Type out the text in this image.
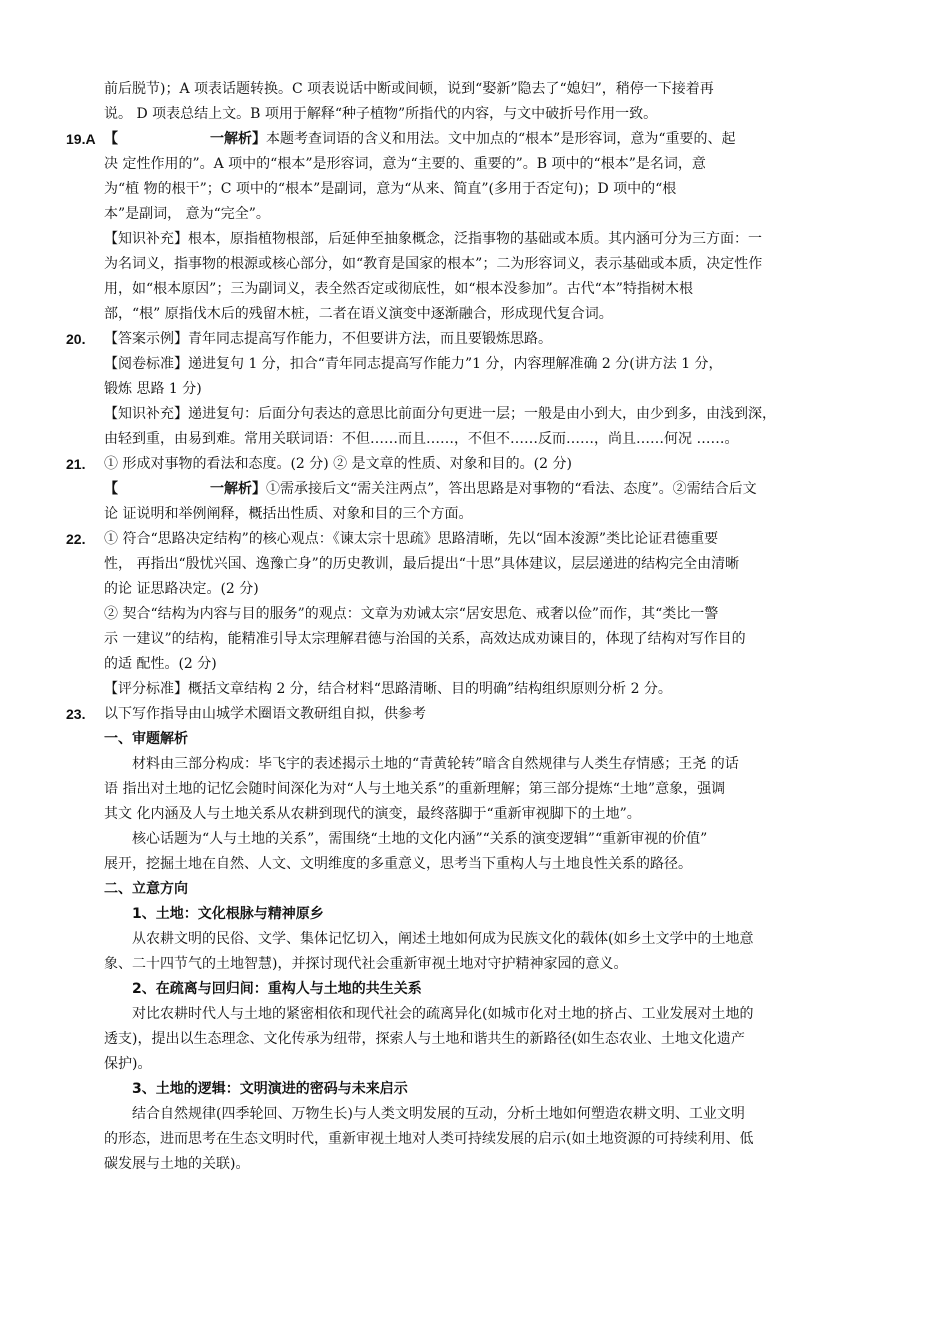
前后脱节)；A 项表话题转换。C 项表说话中断或间顿，说到“娶新”隐去了“媳妇”，稍停一下接着再
说。 D 项表总结上文。B 项用于解释“种子植物”所指代的内容，与文中破折号作用一致。
19.A 【	一解析】本题考查词语的含义和用法。文中加点的“根本”是形容词，意为“重要的、起
决 定性作用的”。A 项中的“根本”是形容词，意为“主要的、重要的”。B 项中的“根本”是名词，意
为“植 物的根干”；C 项中的“根本”是副词，意为“从来、简直”(多用于否定句)；D 项中的“根
本”是副词， 意为“完全”。
【知识补充】根本，原指植物根部，后延伸至抽象概念，泛指事物的基础或本质。其内涵可分为三方面：一
为名词义，指事物的根源或核心部分，如“教育是国家的根本”；二为形容词义，表示基础或本质，决定性作
用，如“根本原因”；三为副词义，表全然否定或彻底性，如“根本没参加”。古代“本”特指树木根
部，“根” 原指伐木后的残留木桩，二者在语义演变中逐渐融合，形成现代复合词。
20. 【答案示例】青年同志提高写作能力，不但要讲方法，而且要锻炼思路。
【阅卷标准】递进复句 1 分，扣合“青年同志提高写作能力”1 分，内容理解准确 2 分(讲方法 1 分，
锻炼 思路 1 分)
【知识补充】递进复句：后面分句表达的意思比前面分句更进一层；一般是由小到大，由少到多，由浅到深，
由轻到重，由易到难。常用关联词语：不但……而且……，不但不……反而……，尚且……何况 ……。
21. ① 形成对事物的看法和态度。(2 分) ② 是文章的性质、对象和目的。(2 分)
【	一解析】①需承接后文“需关注两点”，答出思路是对事物的“看法、态度”。②需结合后文
论 证说明和举例阐释，概括出性质、对象和目的三个方面。
22. ① 符合“思路决定结构”的核心观点：《谏太宗十思疏》思路清晰，先以“固本浚源”类比论证君德重要
性， 再指出“殷忧兴国、逸豫亡身”的历史教训，最后提出“十思”具体建议，层层递进的结构完全由清晰
的论 证思路决定。(2 分)
② 契合“结构为内容与目的服务”的观点：文章为劝诫太宗“居安思危、戒奢以俭”而作，其“类比一警
示 一建议”的结构，能精准引导太宗理解君德与治国的关系，高效达成劝谏目的，体现了结构对写作目的
的适 配性。(2 分)
【评分标准】概括文章结构 2 分，结合材料“思路清晰、目的明确”结构组织原则分析 2 分。
23. 以下写作指导由山城学术圈语文教研组自拟，供参考
一、审题解析
材料由三部分构成：毕飞宇的表述揭示土地的“青黄轮转”暗含自然规律与人类生存情感；王尧 的话
语 指出对土地的记忆会随时间深化为对“人与土地关系”的重新理解；第三部分提炼“土地”意象，强调
其文 化内涵及人与土地关系从农耕到现代的演变，最终落脚于“重新审视脚下的土地”。
核心话题为“人与土地的关系”，需围绕“土地的文化内涵”“关系的演变逻辑”“重新审视的价值”
展开，挖掘土地在自然、人文、文明维度的多重意义，思考当下重构人与土地良性关系的路径。
二、立意方向
1、土地：文化根脉与精神原乡
从农耕文明的民俗、文学、集体记忆切入，阐述土地如何成为民族文化的载体(如乡土文学中的土地意
象、二十四节气的土地智慧)，并探讨现代社会重新审视土地对守护精神家园的意义。
2、在疏离与回归间：重构人与土地的共生关系
对比农耕时代人与土地的紧密相依和现代社会的疏离异化(如城市化对土地的挤占、工业发展对土地的
透支)，提出以生态理念、文化传承为纽带，探索人与土地和谐共生的新路径(如生态农业、土地文化遗产
保护)。
3、土地的逻辑：文明演进的密码与未来启示
结合自然规律(四季轮回、万物生长)与人类文明发展的互动，分析土地如何塑造农耕文明、工业文明
的形态，进而思考在生态文明时代，重新审视土地对人类可持续发展的启示(如土地资源的可持续利用、低
碳发展与土地的关联)。
